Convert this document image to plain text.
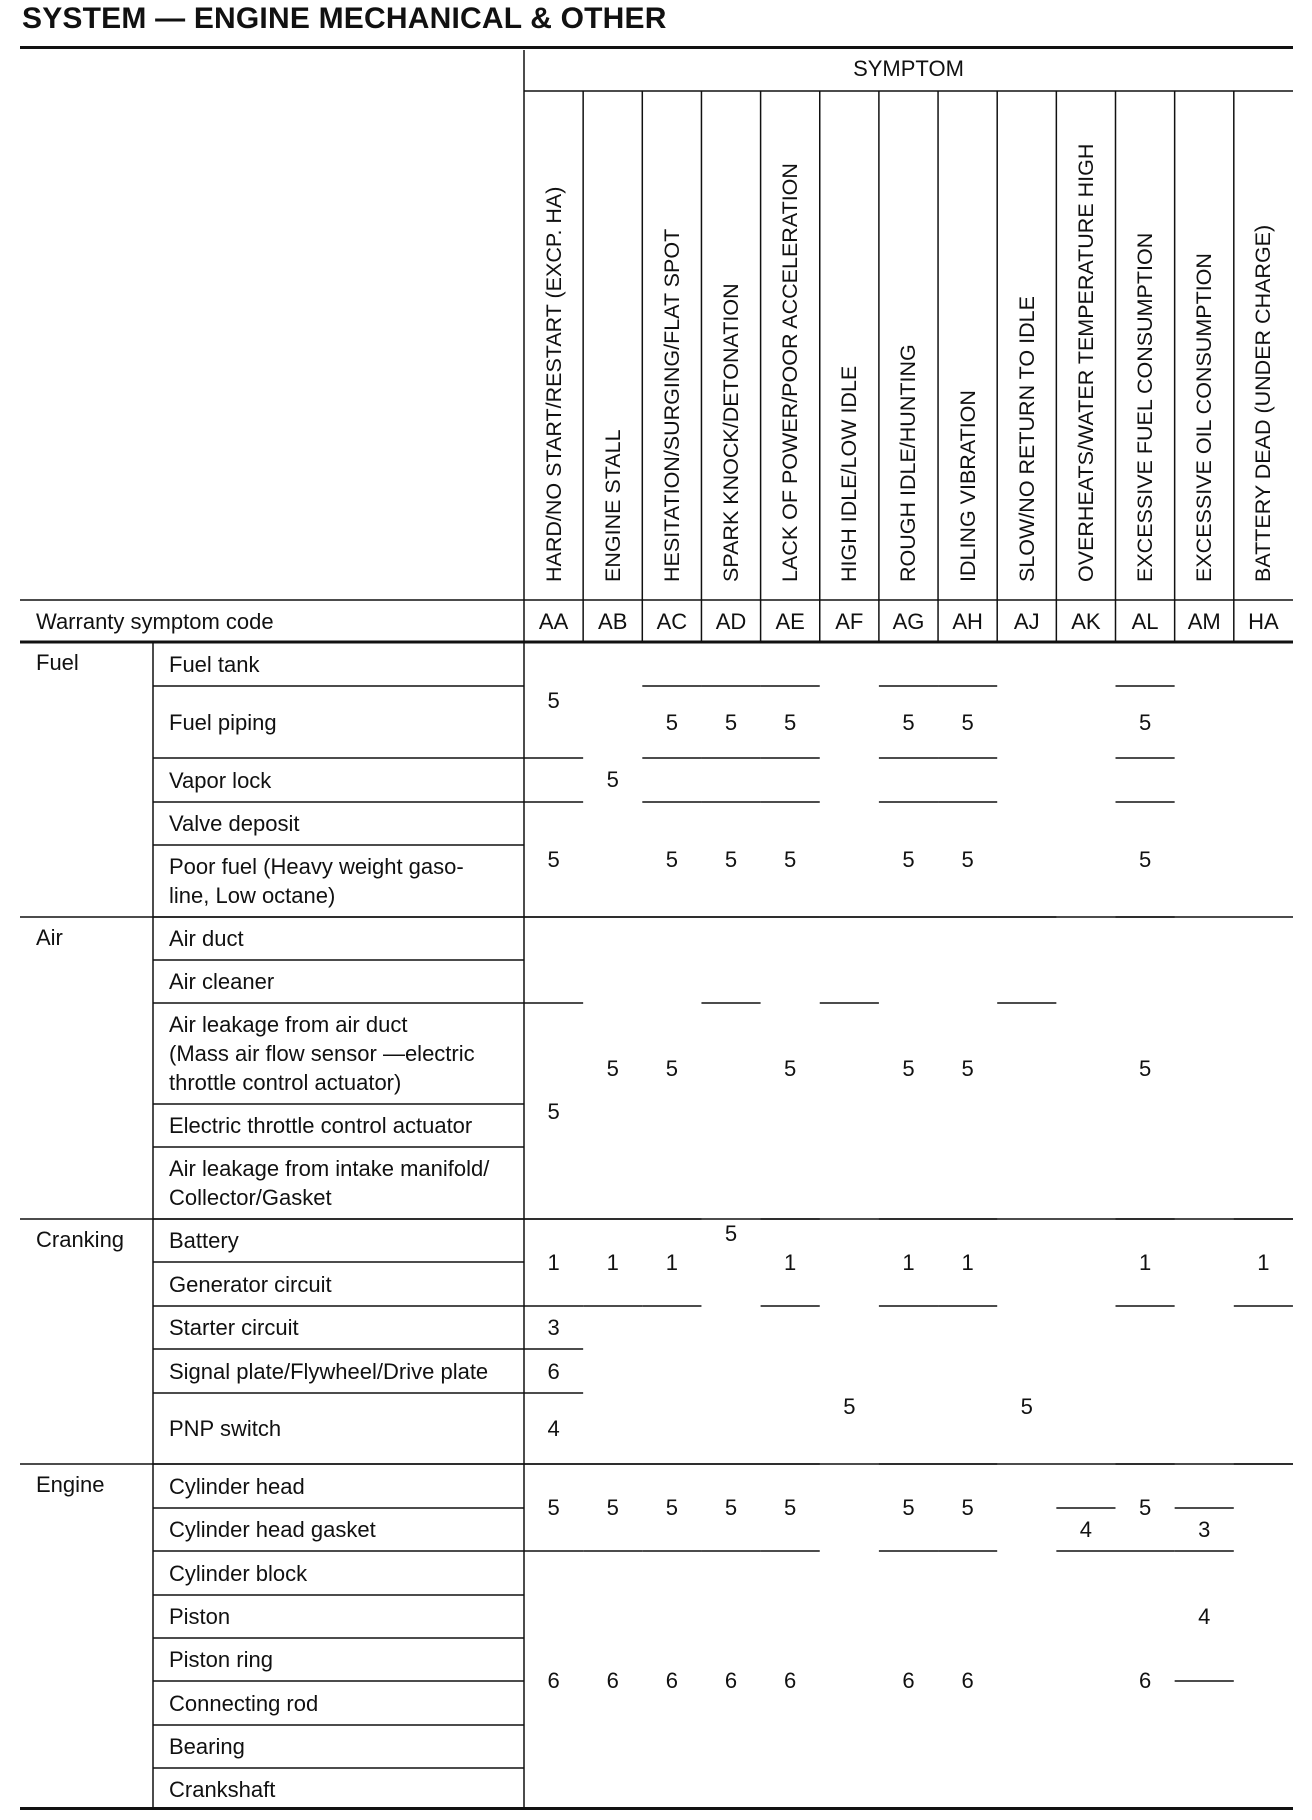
SYSTEM — ENGINE MECHANICAL & OTHER
SYMPTOM
Warranty symptom code
HARD/NO START/RESTART (EXCP. HA)
AA
ENGINE STALL
AB
HESITATION/SURGING/FLAT SPOT
AC
SPARK KNOCK/DETONATION
AD
LACK OF POWER/POOR ACCELERATION
AE
HIGH IDLE/LOW IDLE
AF
ROUGH IDLE/HUNTING
AG
IDLING VIBRATION
AH
SLOW/NO RETURN TO IDLE
AJ
OVERHEATS/WATER TEMPERATURE HIGH
AK
EXCESSIVE FUEL CONSUMPTION
AL
EXCESSIVE OIL CONSUMPTION
AM
BATTERY DEAD (UNDER CHARGE)
HA
Fuel
Air
Cranking
Engine
Fuel tank
Fuel piping
Vapor lock
Valve deposit
Poor fuel (Heavy weight gaso-
line, Low octane)
Air duct
Air cleaner
Air leakage from air duct
(Mass air flow sensor —electric
throttle control actuator)
Electric throttle control actuator
Air leakage from intake manifold/
Collector/Gasket
Battery
Generator circuit
Starter circuit
Signal plate/Flywheel/Drive plate
PNP switch
Cylinder head
Cylinder head gasket
Cylinder block
Piston
Piston ring
Connecting rod
Bearing
Crankshaft
5
5
5
1
3
6
4
5
6
5
5
1
5
6
5
5
5
1
5
6
5
5
5
5
6
5
5
5
1
5
6
5
5
5
5
1
5
6
5
5
5
1
5
6
5
4
5
5
5
1
5
6
3
4
1
